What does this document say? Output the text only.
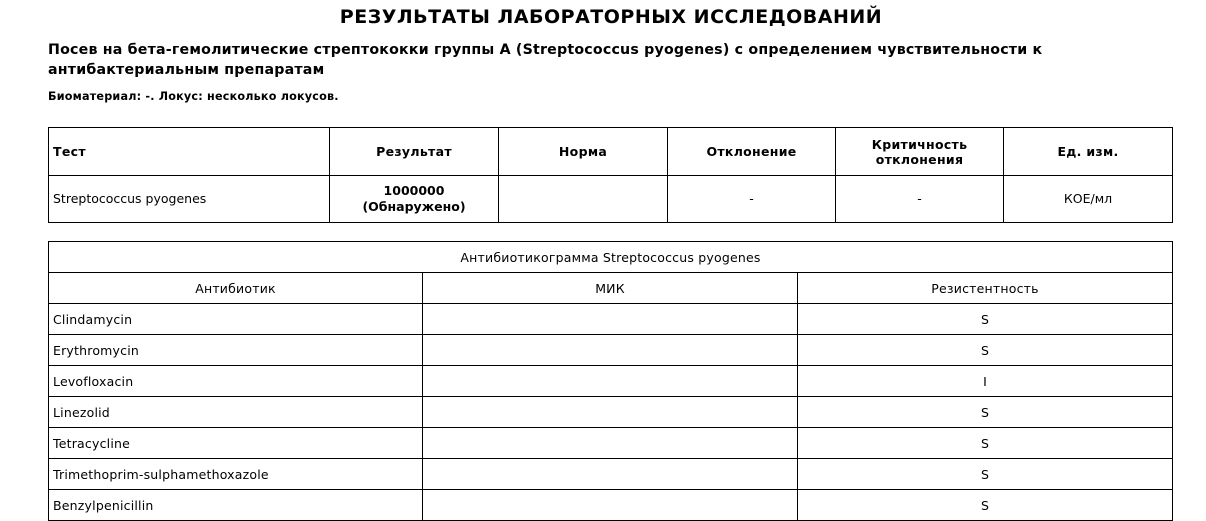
РЕЗУЛЬТАТЫ ЛАБОРАТОРНЫХ ИССЛЕДОВАНИЙ
Посев на бета-гемолитические стрептококки группы А (Streptococcus pyogenes) с определением чувствительности к антибактериальным препаратам
Биоматериал: -. Локус: несколько локусов.
Тест	Результат	Норма	Отклонение	Критичность отклонения	Ед. изм.
Streptococcus pyogenes	1000000 (Обнаружено)		-	-	КОЕ/мл
Антибиотикограмма Streptococcus pyogenes		
Антибиотик	МИК	Резистентность
Clindamycin		S
Erythromycin		S
Levofloxacin		I
Linezolid		S
Tetracycline		S
Trimethoprim-sulphamethoxazole		S
Benzylpenicillin		S
